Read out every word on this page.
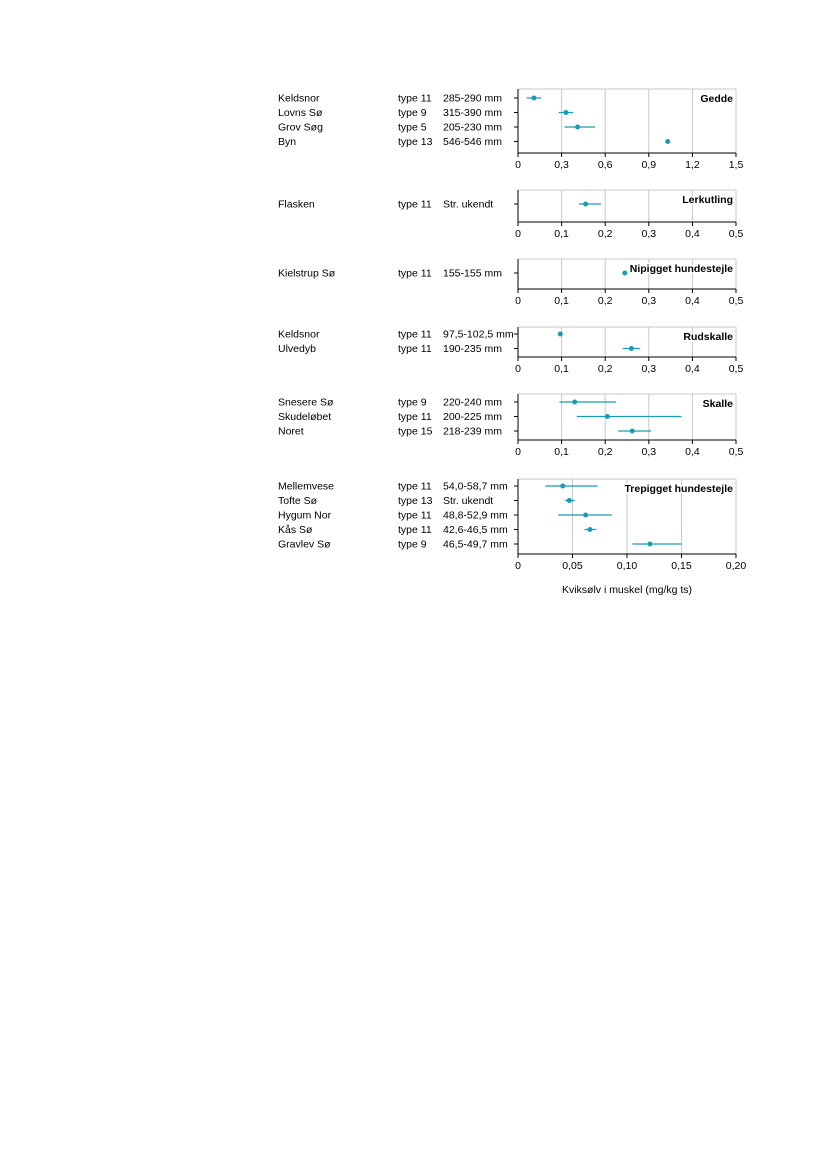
0	0,3	0,6	0,9	1,2	1,5
Gedde
Keldsnor	type 11 285-290 mm
Lovns Sø	type 9 315-390 mm
Grov Søg	type 5 205-230 mm
Byn	type 13 546-546 mm
0	0,1	0,2	0,3	0,4	0,5
Lerkutling
Flasken	type 11 Str. ukendt
0	0,1	0,2	0,3	0,4	0,5
Nipigget hundestejle
Kielstrup Sø	type 11 155-155 mm
0	0,1	0,2	0,3	0,4	0,5
Rudskalle
Keldsnor	type 11 97,5-102,5 mm
Ulvedyb	type 11 190-235 mm
0	0,1	0,2	0,3	0,4	0,5
Skalle
Snesere Sø	type 9 220-240 mm
Skudeløbet	type 11 200-225 mm
Noret	type 15 218-239 mm
0	0,05	0,10	0,15	0,20
Trepigget hundestejle
Mellemvese	type 11 54,0-58,7 mm
Tofte Sø	type 13 Str. ukendt
Hygum Nor	type 11 48,8-52,9 mm
Kås Sø	type 11 42,6-46,5 mm
Gravlev Sø	type 9 46,5-49,7 mm
Kviksølv i muskel (mg/kg ts)
